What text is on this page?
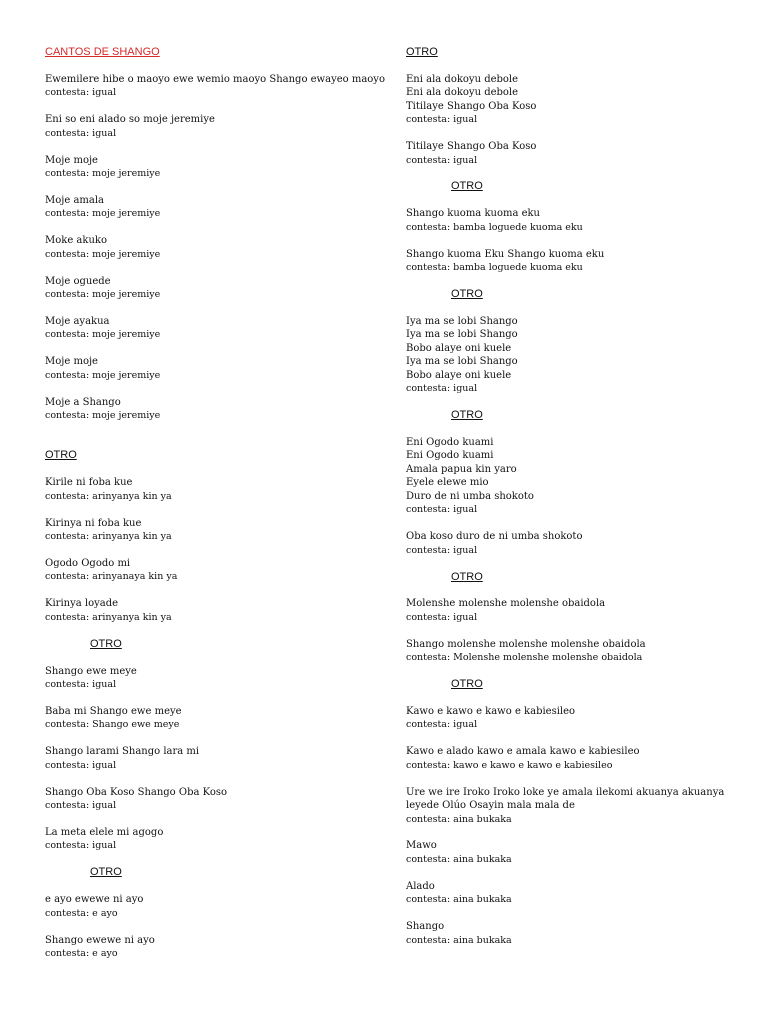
CANTOS DE SHANGO
Ewemilere hibe o maoyo ewe wemio maoyo Shango ewayeo maoyo
contesta: igual
Eni so eni alado so moje jeremiye
contesta: igual
Moje moje
contesta: moje jeremiye
Moje amala
contesta: moje jeremiye
Moke akuko
contesta: moje jeremiye
Moje oguede
contesta: moje jeremiye
Moje ayakua
contesta: moje jeremiye
Moje moje
contesta: moje jeremiye
Moje a Shango
contesta: moje jeremiye
OTRO
Kirile ni foba kue
contesta: arinyanya kin ya
Kirinya ni foba kue
contesta: arinyanya kin ya
Ogodo Ogodo mi
contesta: arinyanaya kin ya
Kirinya loyade
contesta: arinyanya kin ya
OTRO
Shango ewe meye
contesta: igual
Baba mi Shango ewe meye
contesta: Shango ewe meye
Shango larami Shango lara mi
contesta: igual
Shango Oba Koso Shango Oba Koso
contesta: igual
La meta elele mi agogo
contesta: igual
OTRO
e ayo ewewe ni ayo
contesta: e ayo
Shango ewewe ni ayo
contesta: e ayo
OTRO
Eni ala dokoyu debole
Eni ala dokoyu debole
Titilaye Shango Oba Koso
contesta: igual
Titilaye Shango Oba Koso
contesta: igual
OTRO
Shango kuoma kuoma eku
contesta: bamba loguede kuoma eku
Shango kuoma Eku Shango kuoma eku
contesta: bamba loguede kuoma eku
OTRO
Iya ma se lobi Shango
Iya ma se lobi Shango
Bobo alaye oni kuele
Iya ma se lobi Shango
Bobo alaye oni kuele
contesta: igual
OTRO
Eni Ogodo kuami
Eni Ogodo kuami
Amala papua kin yaro
Eyele elewe mio
Duro de ni umba shokoto
contesta: igual
Oba koso duro de ni umba shokoto
contesta: igual
OTRO
Molenshe molenshe molenshe obaidola
contesta: igual
Shango molenshe molenshe molenshe obaidola
contesta: Molenshe molenshe molenshe obaidola
OTRO
Kawo e kawo e kawo e kabiesileo
contesta: igual
Kawo e alado kawo e amala kawo e kabiesileo
contesta: kawo e kawo e kawo e kabiesileo
Ure we ire Iroko Iroko loke ye amala ilekomi akuanya akuanya
leyede Olúo Osayin mala mala de
contesta: aina bukaka
Mawo
contesta: aina bukaka
Alado
contesta: aina bukaka
Shango
contesta: aina bukaka
